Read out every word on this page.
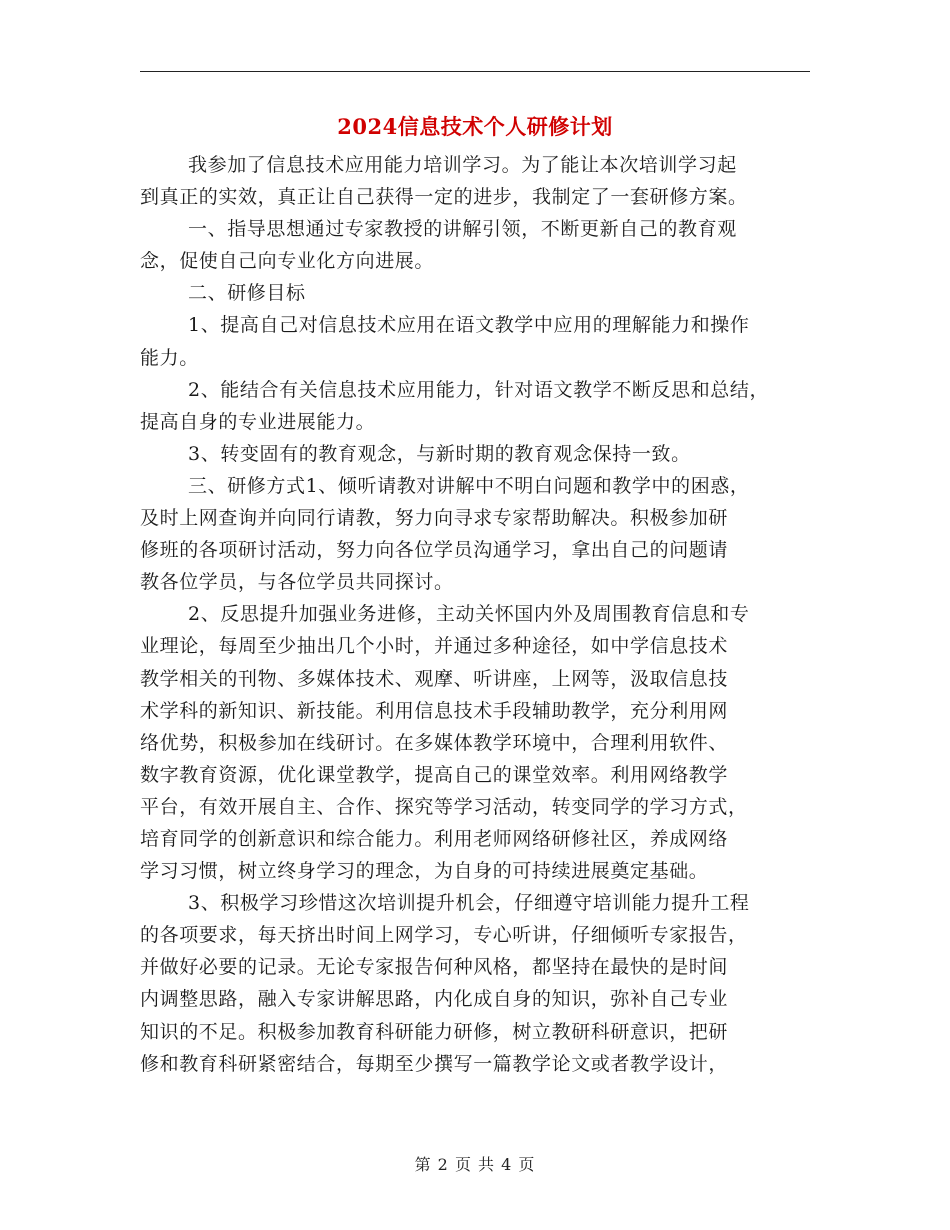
2024信息技术个人研修计划
我参加了信息技术应用能力培训学习。为了能让本次培训学习起
到真正的实效，真正让自己获得一定的进步，我制定了一套研修方案。
一、指导思想通过专家教授的讲解引领，不断更新自己的教育观
念，促使自己向专业化方向进展。
二、研修目标
1、提高自己对信息技术应用在语文教学中应用的理解能力和操作
能力。
2、能结合有关信息技术应用能力，针对语文教学不断反思和总结，
提高自身的专业进展能力。
3、转变固有的教育观念，与新时期的教育观念保持一致。
三、研修方式1、倾听请教对讲解中不明白问题和教学中的困惑，
及时上网查询并向同行请教，努力向寻求专家帮助解决。积极参加研
修班的各项研讨活动，努力向各位学员沟通学习，拿出自己的问题请
教各位学员，与各位学员共同探讨。
2、反思提升加强业务进修，主动关怀国内外及周围教育信息和专
业理论，每周至少抽出几个小时，并通过多种途径，如中学信息技术
教学相关的刊物、多媒体技术、观摩、听讲座，上网等，汲取信息技
术学科的新知识、新技能。利用信息技术手段辅助教学，充分利用网
络优势，积极参加在线研讨。在多媒体教学环境中，合理利用软件、
数字教育资源，优化课堂教学，提高自己的课堂效率。利用网络教学
平台，有效开展自主、合作、探究等学习活动，转变同学的学习方式，
培育同学的创新意识和综合能力。利用老师网络研修社区，养成网络
学习习惯，树立终身学习的理念，为自身的可持续进展奠定基础。
3、积极学习珍惜这次培训提升机会，仔细遵守培训能力提升工程
的各项要求，每天挤出时间上网学习，专心听讲，仔细倾听专家报告，
并做好必要的记录。无论专家报告何种风格，都坚持在最快的是时间
内调整思路，融入专家讲解思路，内化成自身的知识，弥补自己专业
知识的不足。积极参加教育科研能力研修，树立教研科研意识，把研
修和教育科研紧密结合，每期至少撰写一篇教学论文或者教学设计，
第 2 页 共 4 页
